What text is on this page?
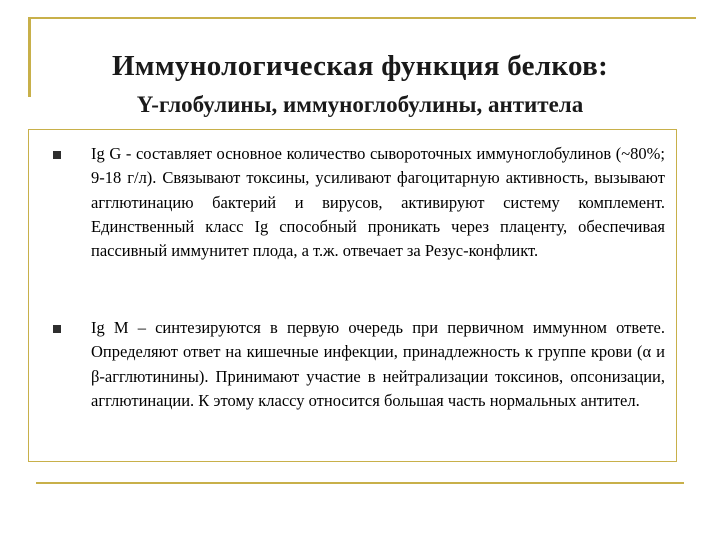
Иммунологическая функция белков:
Υ-глобулины, иммуноглобулины, антитела
Ig G - составляет основное количество сывороточных иммуноглобулинов (~80%; 9-18 г/л). Связывают токсины, усиливают фагоцитарную активность, вызывают агглютинацию бактерий и вирусов, активируют систему комплемент. Единственный класс Ig способный проникать через плаценту, обеспечивая пассивный иммунитет плода, а т.ж. отвечает за Резус-конфликт.
Ig M – синтезируются в первую очередь при первичном иммунном ответе. Определяют ответ на кишечные инфекции, принадлежность к группе крови (α и β-агглютинины). Принимают участие в нейтрализации токсинов, опсонизации, агглютинации. К этому классу относится большая часть нормальных антител.
